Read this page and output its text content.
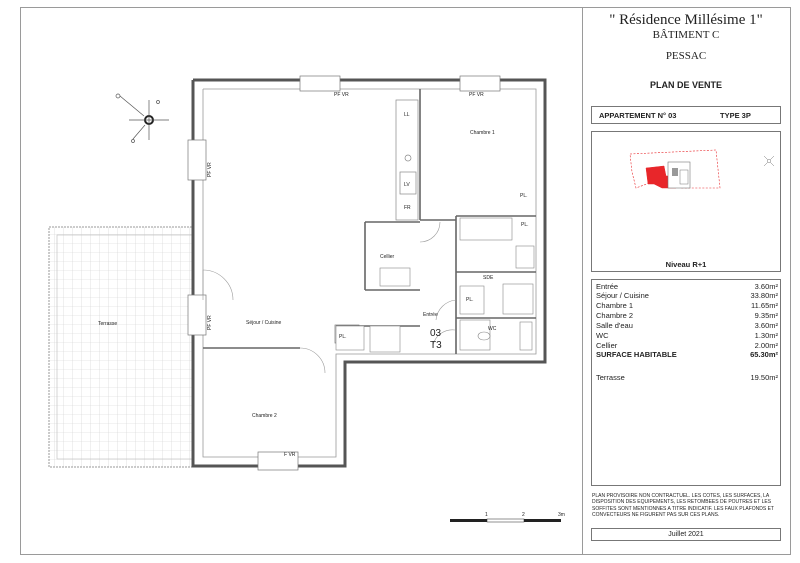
Chambre 1
Séjour / Cuisine
Chambre 2
Terrasse
Cellier
Entrée
SDE
WC
LL
LV
FR
PL.
PL.
PL.
PL.
PF VR	PF VR
F VR
PF VR
PF VR
03
T3
1	2	3m
" Résidence Millésime 1"
BÂTIMENT C
PESSAC
PLAN DE VENTE
APPARTEMENT N° 03	TYPE 3P
Niveau R+1
Entrée	3.60m²
Séjour / Cuisine	33.80m²
Chambre 1	11.65m²
Chambre 2	9.35m²
Salle d'eau	3.60m²
WC	1.30m²
Cellier	2.00m²
SURFACE HABITABLE	65.30m²
Terrasse	19.50m²
PLAN PROVISOIRE NON CONTRACTUEL. LES COTES, LES SURFACES, LA DISPOSITION DES EQUIPEMENTS, LES RETOMBEES DE POUTRES ET LES SOFFITES SONT MENTIONNES A TITRE INDICATIF. LES FAUX PLAFONDS ET CONVECTEURS NE FIGURENT PAS SUR CES PLANS.
Juillet 2021
